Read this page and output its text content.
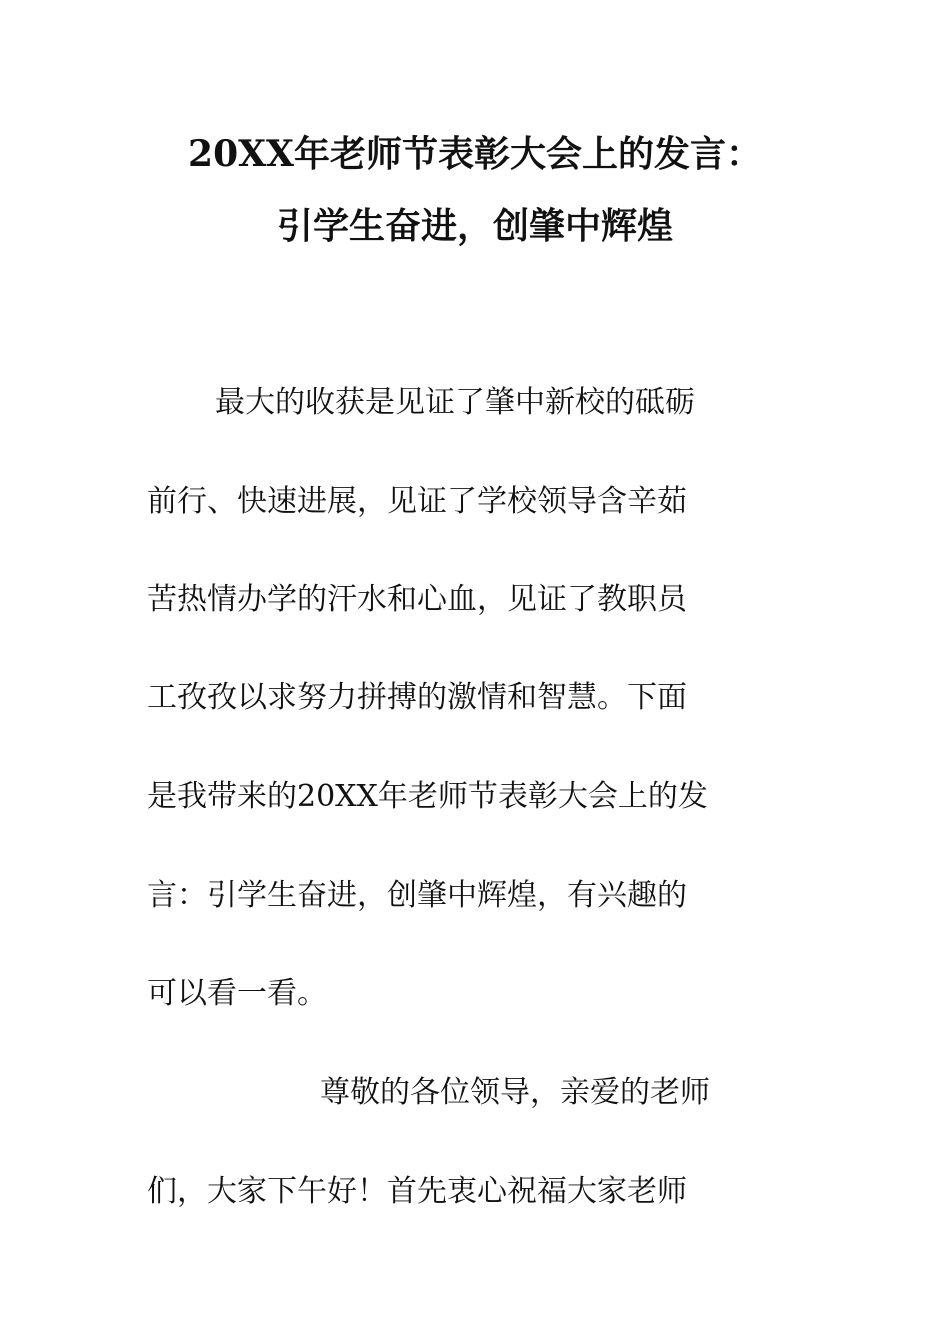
20XX年老师节表彰大会上的发言：
引学生奋进，创肇中辉煌
最大的收获是见证了肇中新校的砥砺
前行、快速进展，见证了学校领导含辛茹
苦热情办学的汗水和心血，见证了教职员
工孜孜以求努力拼搏的激情和智慧。下面
是我带来的20XX年老师节表彰大会上的发
言：引学生奋进，创肇中辉煌，有兴趣的
可以看一看。
尊敬的各位领导，亲爱的老师
们，大家下午好！首先衷心祝福大家老师
